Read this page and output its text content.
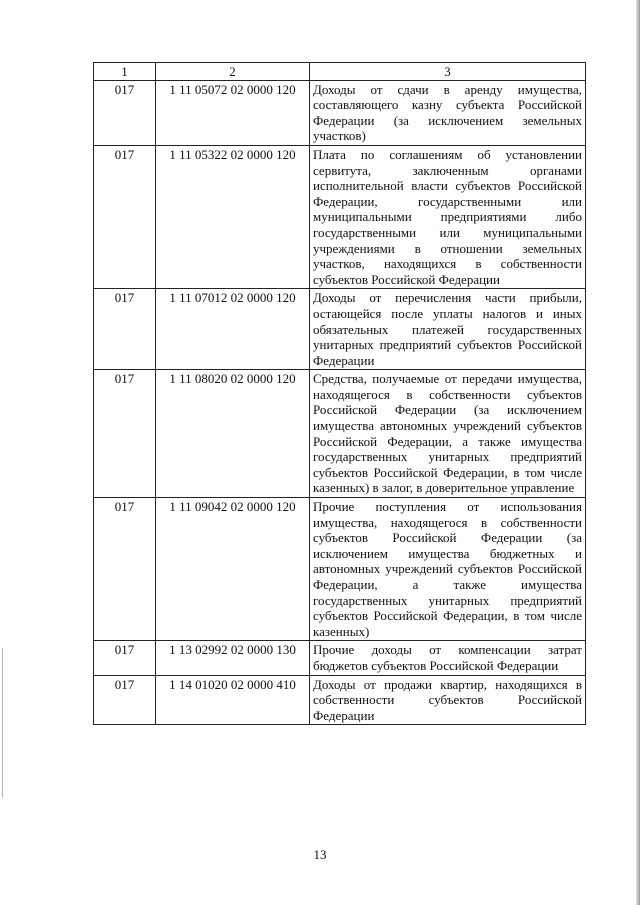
1	2	3
017	1 11 05072 02 0000 120	Доходы от сдачи в аренду имущества, составляющего казну субъекта Российской Федерации (за исключением земельных участков)
017	1 11 05322 02 0000 120	Плата по соглашениям об установлении сервитута, заключенным органами исполнительной власти субъектов Российской Федерации, государственными или муниципальными предприятиями либо государственными или муниципальными учреждениями в отношении земельных участков, находящихся в собственности субъектов Российской Федерации
017	1 11 07012 02 0000 120	Доходы от перечисления части прибыли, остающейся после уплаты налогов и иных обязательных платежей государственных унитарных предприятий субъектов Российской Федерации
017	1 11 08020 02 0000 120	Средства, получаемые от передачи имущества, находящегося в собственности субъектов Российской Федерации (за исключением имущества автономных учреждений субъектов Российской Федерации, а также имущества государственных унитарных предприятий субъектов Российской Федерации, в том числе казенных) в залог, в доверительное управление
017	1 11 09042 02 0000 120	Прочие поступления от использования имущества, находящегося в собственности субъектов Российской Федерации (за исключением имущества бюджетных и автономных учреждений субъектов Российской Федерации, а также имущества государственных унитарных предприятий субъектов Российской Федерации, в том числе казенных)
017	1 13 02992 02 0000 130	Прочие доходы от компенсации затрат бюджетов субъектов Российской Федерации
017	1 14 01020 02 0000 410	Доходы от продажи квартир, находящихся в собственности субъектов Российской Федерации
13
